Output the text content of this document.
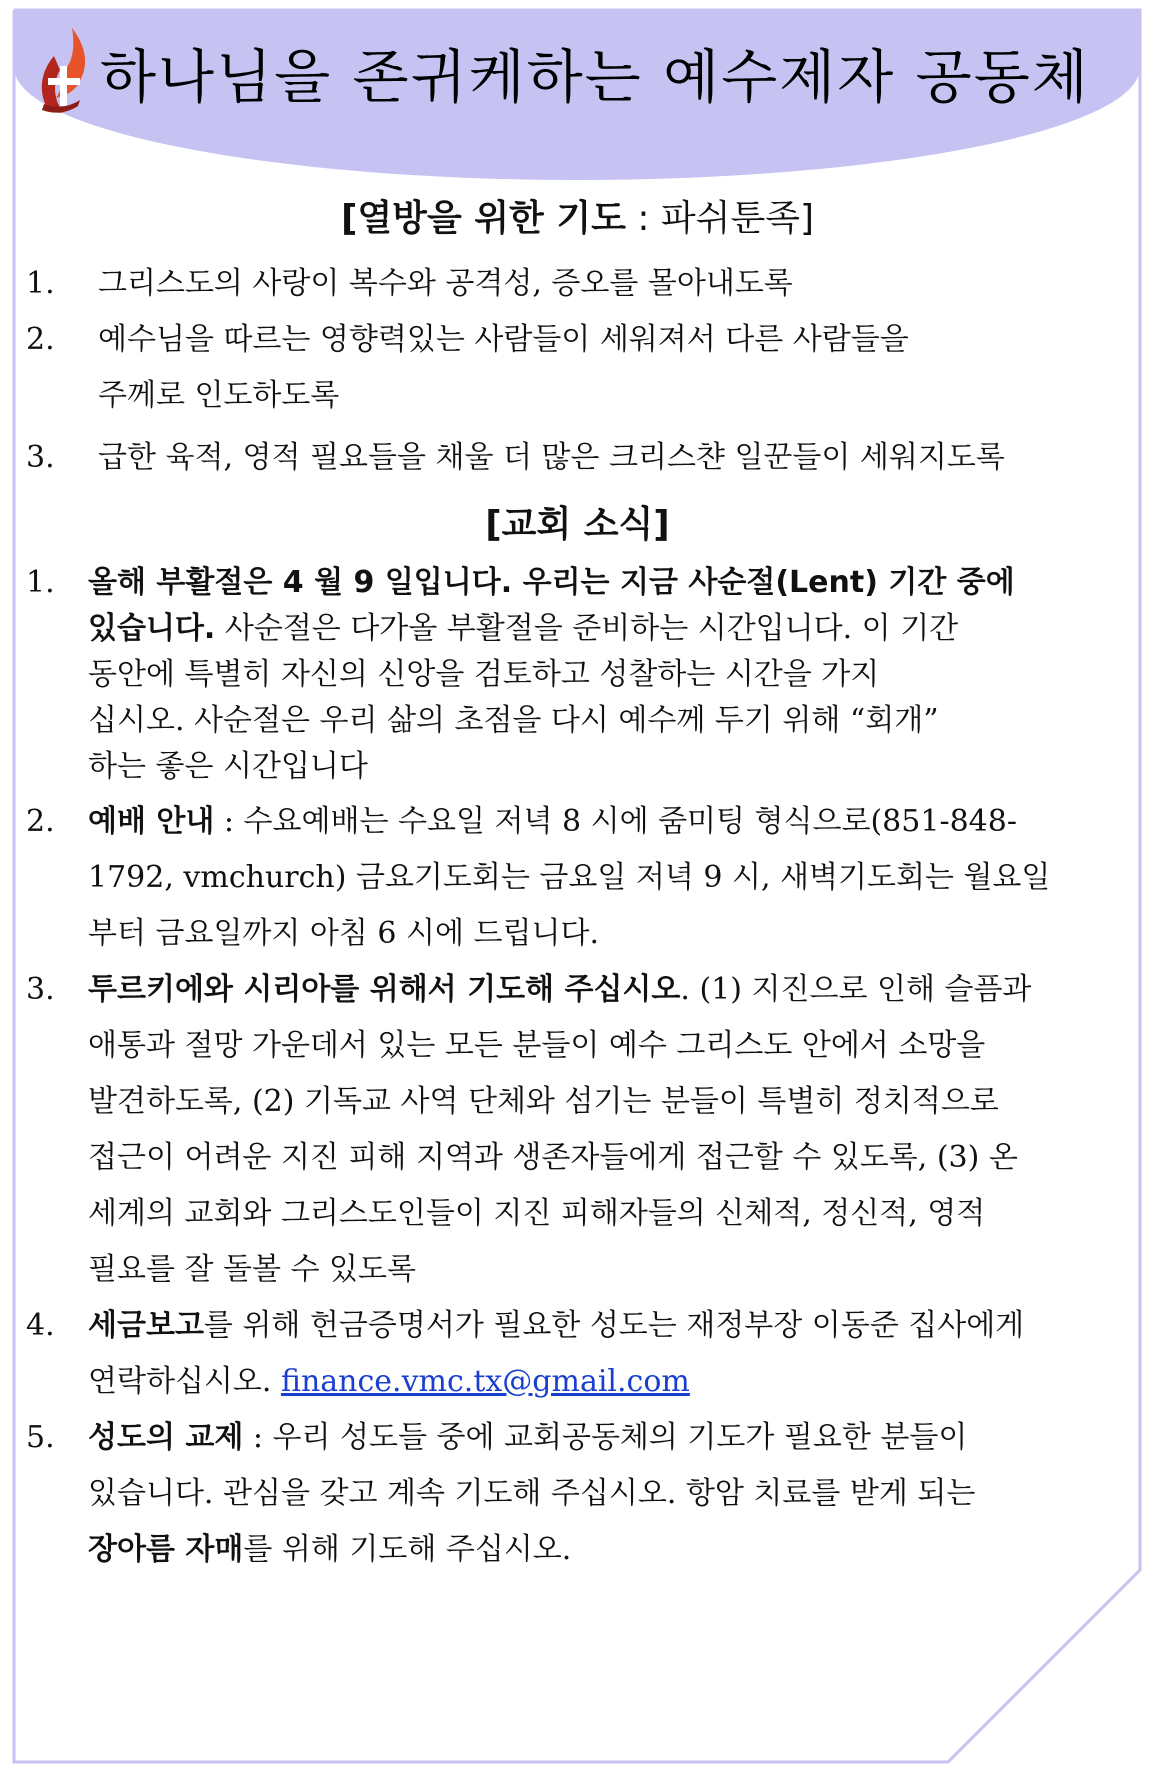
하나님을 존귀케하는 예수제자 공동체
[열방을 위한 기도 : 파쉬툰족]
1.	그리스도의 사랑이 복수와 공격성, 증오를 몰아내도록
2.	예수님을 따르는 영향력있는 사람들이 세워져서 다른 사람들을
주께로 인도하도록
3.	급한 육적, 영적 필요들을 채울 더 많은 크리스챤 일꾼들이 세워지도록
[교회 소식]
1.	올해 부활절은 4 월 9 일입니다. 우리는 지금 사순절(Lent) 기간 중에
있습니다. 사순절은 다가올 부활절을 준비하는 시간입니다. 이 기간
동안에 특별히 자신의 신앙을 검토하고 성찰하는 시간을 가지
십시오. 사순절은 우리 삶의 초점을 다시 예수께 두기 위해 “회개”
하는 좋은 시간입니다
2.	예배 안내 : 수요예배는 수요일 저녁 8 시에 줌미팅 형식으로(851-848-
1792, vmchurch) 금요기도회는 금요일 저녁 9 시, 새벽기도회는 월요일
부터 금요일까지 아침 6 시에 드립니다.
3.	투르키에와 시리아를 위해서 기도해 주십시오. (1) 지진으로 인해 슬픔과
애통과 절망 가운데서 있는 모든 분들이 예수 그리스도 안에서 소망을
발견하도록, (2) 기독교 사역 단체와 섬기는 분들이 특별히 정치적으로
접근이 어려운 지진 피해 지역과 생존자들에게 접근할 수 있도록, (3) 온
세계의 교회와 그리스도인들이 지진 피해자들의 신체적, 정신적, 영적
필요를 잘 돌볼 수 있도록
4.	세금보고를 위해 헌금증명서가 필요한 성도는 재정부장 이동준 집사에게
연락하십시오. finance.vmc.tx@gmail.com
5.	성도의 교제 : 우리 성도들 중에 교회공동체의 기도가 필요한 분들이
있습니다. 관심을 갖고 계속 기도해 주십시오. 항암 치료를 받게 되는
장아름 자매를 위해 기도해 주십시오.
